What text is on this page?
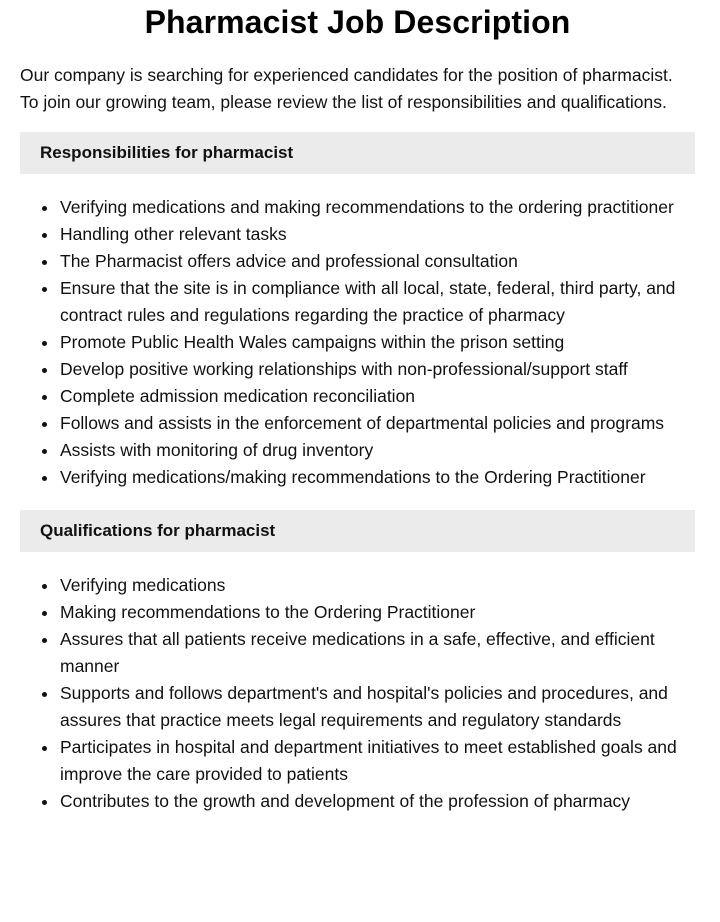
Pharmacist Job Description

Our company is searching for experienced candidates for the position of pharmacist. To join our growing team, please review the list of responsibilities and qualifications.

Responsibilities for pharmacist
Verifying medications and making recommendations to the ordering practitioner
Handling other relevant tasks
The Pharmacist offers advice and professional consultation
Ensure that the site is in compliance with all local, state, federal, third party, and contract rules and regulations regarding the practice of pharmacy
Promote Public Health Wales campaigns within the prison setting
Develop positive working relationships with non-professional/support staff
Complete admission medication reconciliation
Follows and assists in the enforcement of departmental policies and programs
Assists with monitoring of drug inventory
Verifying medications/making recommendations to the Ordering Practitioner
Qualifications for pharmacist
Verifying medications
Making recommendations to the Ordering Practitioner
Assures that all patients receive medications in a safe, effective, and efficient manner
Supports and follows department's and hospital's policies and procedures, and assures that practice meets legal requirements and regulatory standards
Participates in hospital and department initiatives to meet established goals and improve the care provided to patients
Contributes to the growth and development of the profession of pharmacy
